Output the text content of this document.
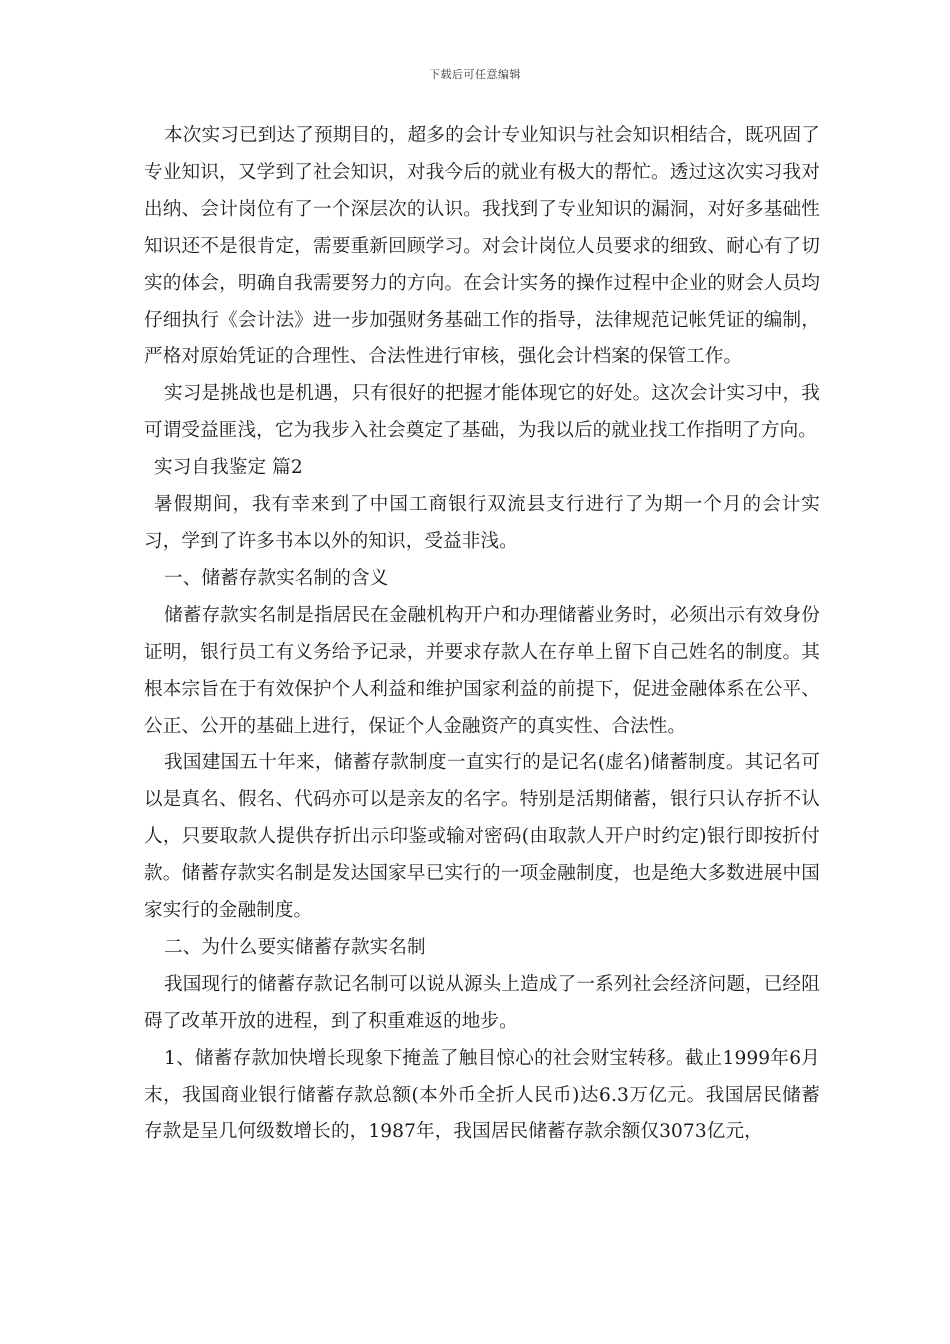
下载后可任意编辑

本次实习已到达了预期目的，超多的会计专业知识与社会知识相结合，既巩固了专业知识，又学到了社会知识，对我今后的就业有极大的帮忙。透过这次实习我对出纳、会计岗位有了一个深层次的认识。我找到了专业知识的漏洞，对好多基础性知识还不是很肯定，需要重新回顾学习。对会计岗位人员要求的细致、耐心有了切实的体会，明确自我需要努力的方向。在会计实务的操作过程中企业的财会人员均仔细执行《会计法》进一步加强财务基础工作的指导，法律规范记帐凭证的编制，严格对原始凭证的合理性、合法性进行审核，强化会计档案的保管工作。

实习是挑战也是机遇，只有很好的把握才能体现它的好处。这次会计实习中，我可谓受益匪浅，它为我步入社会奠定了基础，为我以后的就业找工作指明了方向。

实习自我鉴定 篇2

暑假期间，我有幸来到了中国工商银行双流县支行进行了为期一个月的会计实习，学到了许多书本以外的知识，受益非浅。

一、储蓄存款实名制的含义

储蓄存款实名制是指居民在金融机构开户和办理储蓄业务时，必须出示有效身份证明，银行员工有义务给予记录，并要求存款人在存单上留下自己姓名的制度。其根本宗旨在于有效保护个人利益和维护国家利益的前提下，促进金融体系在公平、公正、公开的基础上进行，保证个人金融资产的真实性、合法性。

我国建国五十年来，储蓄存款制度一直实行的是记名(虚名)储蓄制度。其记名可以是真名、假名、代码亦可以是亲友的名字。特别是活期储蓄，银行只认存折不认人，只要取款人提供存折出示印鉴或输对密码(由取款人开户时约定)银行即按折付款。储蓄存款实名制是发达国家早已实行的一项金融制度，也是绝大多数进展中国家实行的金融制度。

二、为什么要实储蓄存款实名制

我国现行的储蓄存款记名制可以说从源头上造成了一系列社会经济问题，已经阻碍了改革开放的进程，到了积重难返的地步。

1、储蓄存款加快增长现象下掩盖了触目惊心的社会财宝转移。截止1999年6月末，我国商业银行储蓄存款总额(本外币全折人民币)达6.3万亿元。我国居民储蓄存款是呈几何级数增长的，1987年，我国居民储蓄存款余额仅3073亿元，
